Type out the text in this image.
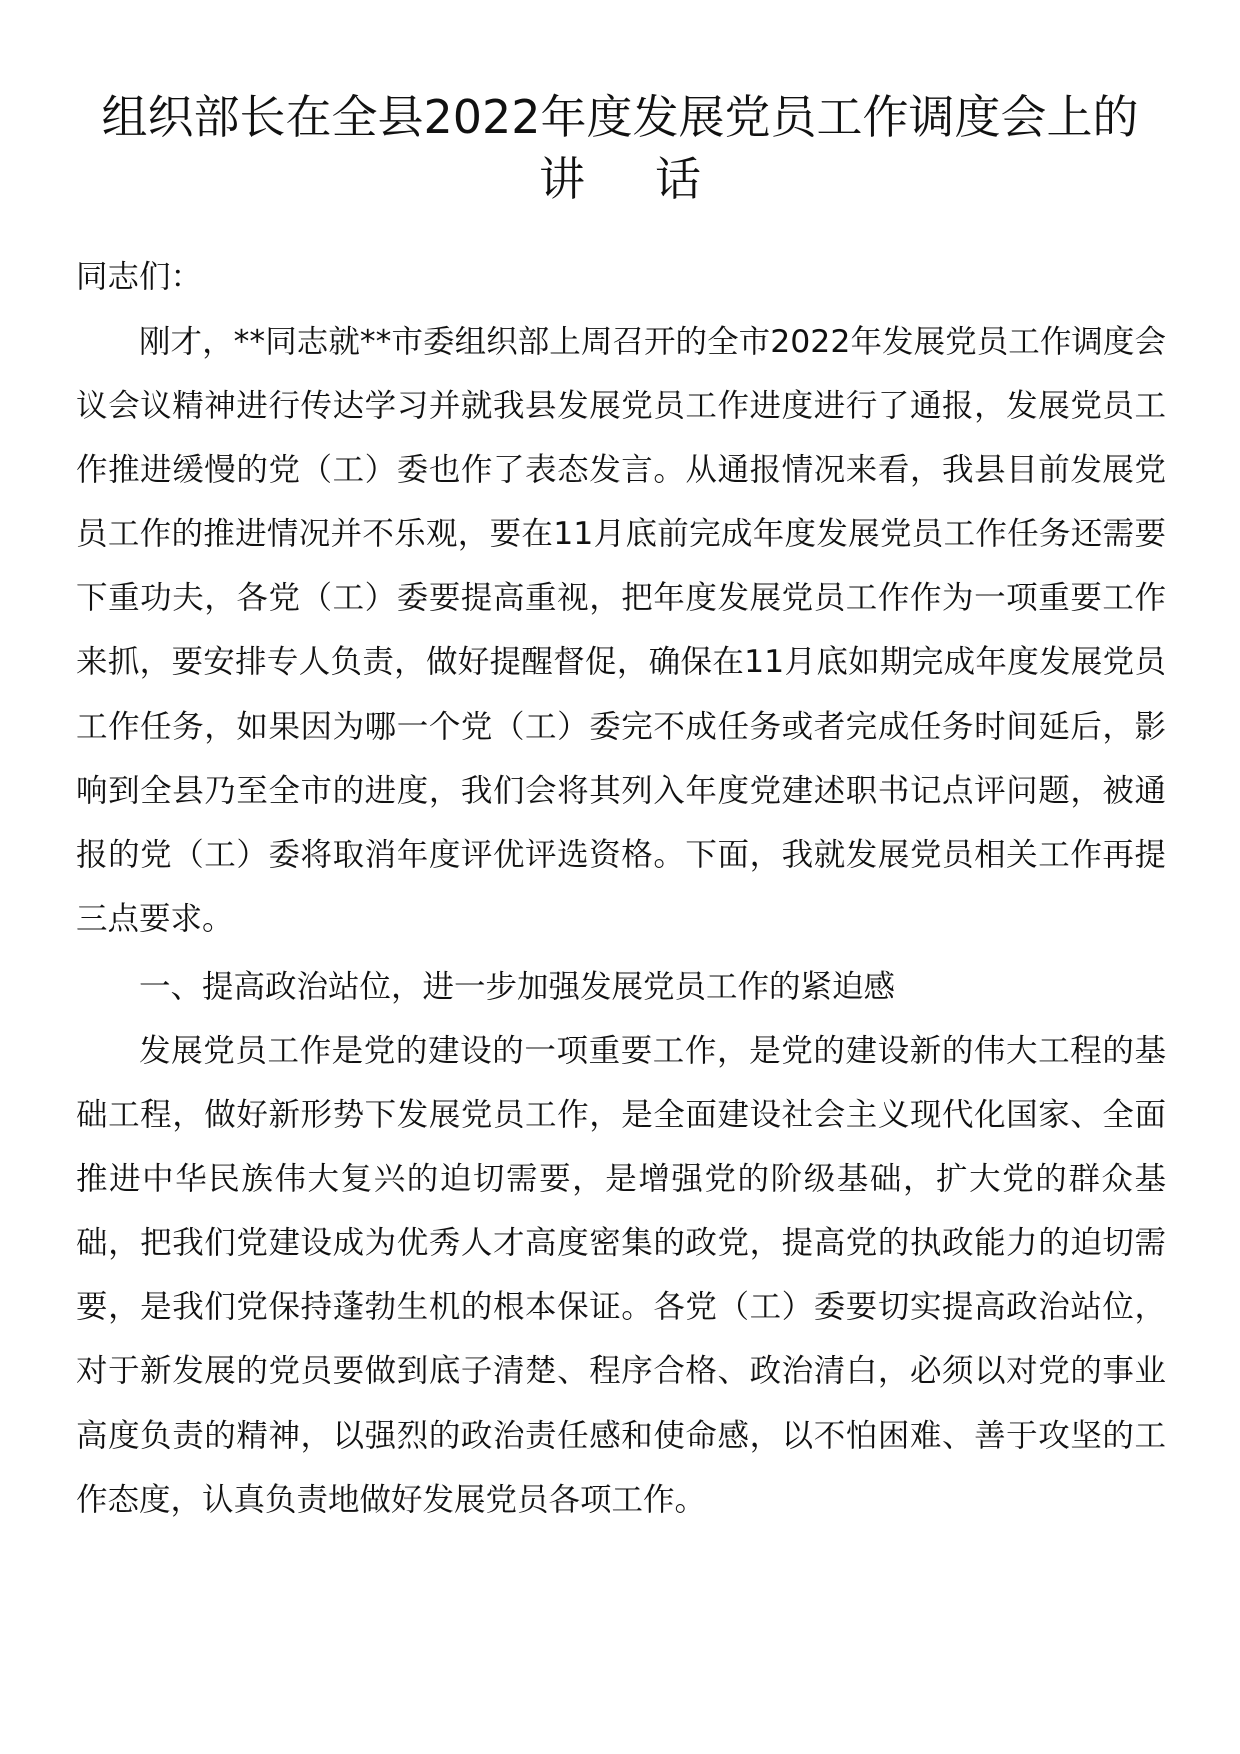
组织部长在全县2022年度发展党员工作调度会上的
讲 话
同志们：
刚才，**同志就**市委组织部上周召开的全市2022年发展党员工作调度会议会议精神进行传达学习并就我县发展党员工作进度进行了通报，发展党员工作推进缓慢的党（工）委也作了表态发言。从通报情况来看，我县目前发展党员工作的推进情况并不乐观，要在11月底前完成年度发展党员工作任务还需要下重功夫，各党（工）委要提高重视，把年度发展党员工作作为一项重要工作来抓，要安排专人负责，做好提醒督促，确保在11月底如期完成年度发展党员工作任务，如果因为哪一个党（工）委完不成任务或者完成任务时间延后，影响到全县乃至全市的进度，我们会将其列入年度党建述职书记点评问题，被通报的党（工）委将取消年度评优评选资格。下面，我就发展党员相关工作再提三点要求。
一、提高政治站位，进一步加强发展党员工作的紧迫感
发展党员工作是党的建设的一项重要工作，是党的建设新的伟大工程的基础工程，做好新形势下发展党员工作，是全面建设社会主义现代化国家、全面推进中华民族伟大复兴的迫切需要，是增强党的阶级基础，扩大党的群众基础，把我们党建设成为优秀人才高度密集的政党，提高党的执政能力的迫切需要，是我们党保持蓬勃生机的根本保证。各党（工）委要切实提高政治站位，对于新发展的党员要做到底子清楚、程序合格、政治清白，必须以对党的事业高度负责的精神，以强烈的政治责任感和使命感，以不怕困难、善于攻坚的工作态度，认真负责地做好发展党员各项工作。
